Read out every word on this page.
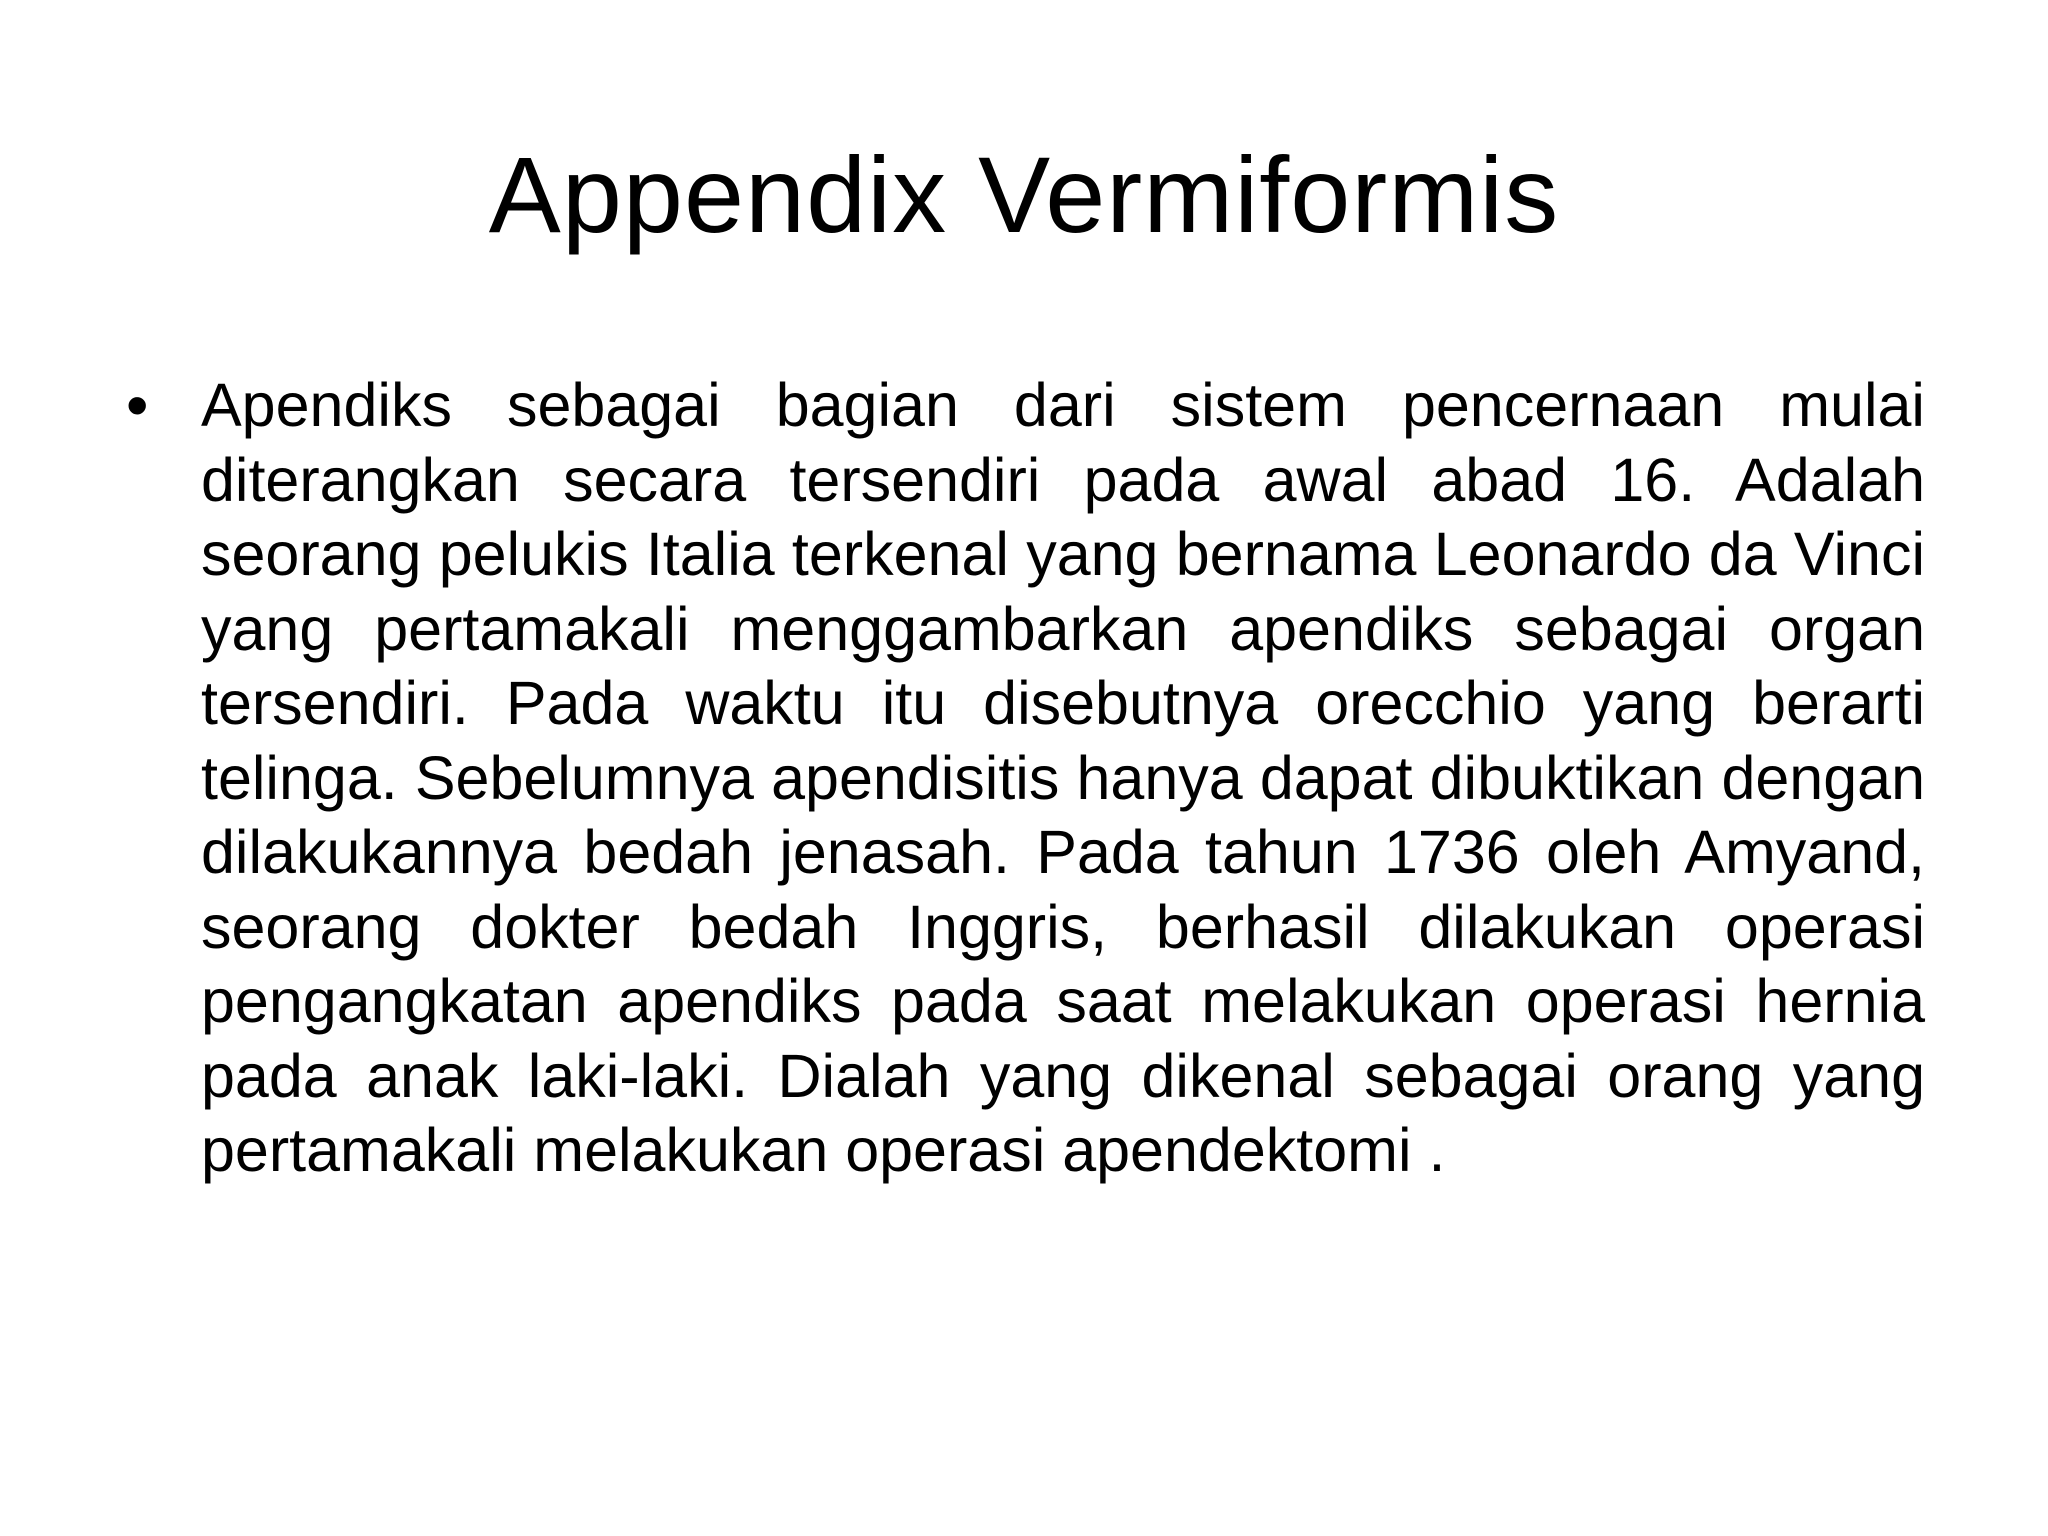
Appendix Vermiformis
• Apendiks sebagai bagian dari sistem pencernaan mulai diterangkan secara tersendiri pada awal abad 16. Adalah seorang pelukis Italia terkenal yang bernama Leonardo da Vinci yang pertamakali menggambarkan apendiks sebagai organ tersendiri. Pada waktu itu disebutnya orecchio yang berarti telinga. Sebelumnya apendisitis hanya dapat dibuktikan dengan dilakukannya bedah jenasah. Pada tahun 1736 oleh Amyand, seorang dokter bedah Inggris, berhasil dilakukan operasi pengangkatan apendiks pada saat melakukan operasi hernia pada anak laki-laki. Dialah yang dikenal sebagai orang yang pertamakali melakukan operasi apendektomi .
